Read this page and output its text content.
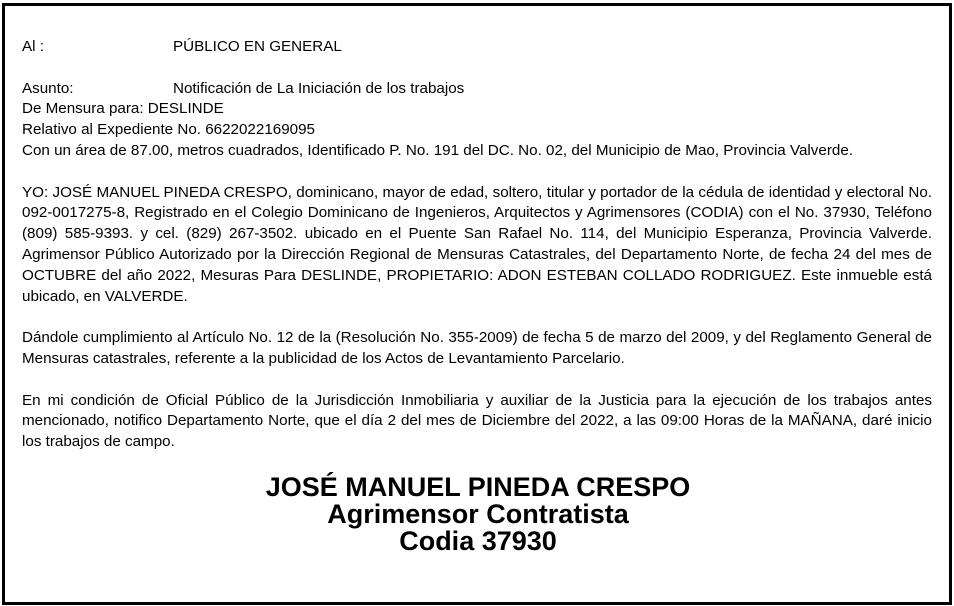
Al :	PÚBLICO EN GENERAL
Asunto:	Notificación de La Iniciación de los trabajos
De Mensura para: DESLINDE
Relativo al Expediente No. 6622022169095
Con un área de 87.00, metros cuadrados, Identificado P. No. 191 del DC. No. 02, del Municipio de Mao, Provincia Valverde.
YO: JOSÉ MANUEL PINEDA CRESPO, dominicano, mayor de edad, soltero, titular y portador de la cédula de identidad y electoral No. 092-0017275-8, Registrado en el Colegio Dominicano de Ingenieros, Arquitectos y Agrimensores (CODIA) con el No. 37930, Teléfono (809) 585-9393. y cel. (829) 267-3502. ubicado en el Puente San Rafael No. 114, del Municipio Esperanza, Provincia Valverde. Agrimensor Público Autorizado por la Dirección Regional de Mensuras Catastrales, del Departamento Norte, de fecha 24 del mes de OCTUBRE del año 2022, Mesuras Para DESLINDE, PROPIETARIO: ADON ESTEBAN COLLADO RODRIGUEZ. Este inmueble está ubicado, en VALVERDE.
Dándole cumplimiento al Artículo No. 12 de la (Resolución No. 355-2009) de fecha 5 de marzo del 2009, y del Reglamento General de Mensuras catastrales, referente a la publicidad de los Actos de Levantamiento Parcelario.
En mi condición de Oficial Público de la Jurisdicción Inmobiliaria y auxiliar de la Justicia para la ejecución de los trabajos antes mencionado, notifico Departamento Norte, que el día 2 del mes de Diciembre del 2022, a las 09:00 Horas de la MAÑANA, daré inicio los trabajos de campo.
JOSÉ MANUEL PINEDA CRESPO
Agrimensor Contratista
Codia 37930
